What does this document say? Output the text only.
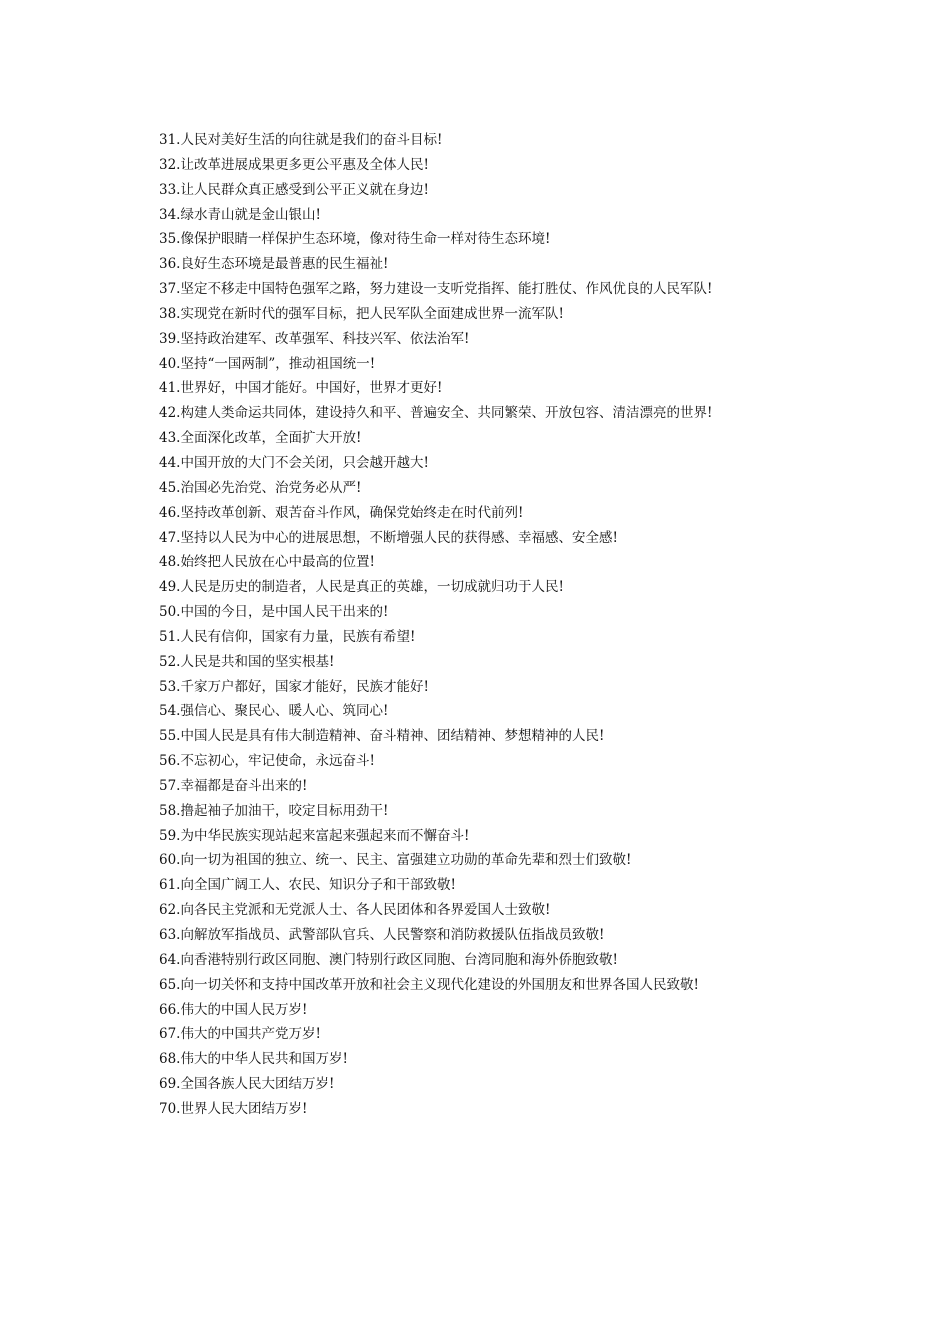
31.人民对美好生活的向往就是我们的奋斗目标!
32.让改革进展成果更多更公平惠及全体人民!
33.让人民群众真正感受到公平正义就在身边!
34.绿水青山就是金山银山!
35.像保护眼睛一样保护生态环境，像对待生命一样对待生态环境!
36.良好生态环境是最普惠的民生福祉!
37.坚定不移走中国特色强军之路，努力建设一支听党指挥、能打胜仗、作风优良的人民军队!
38.实现党在新时代的强军目标，把人民军队全面建成世界一流军队!
39.坚持政治建军、改革强军、科技兴军、依法治军!
40.坚持“一国两制”，推动祖国统一!
41.世界好，中国才能好。中国好，世界才更好!
42.构建人类命运共同体，建设持久和平、普遍安全、共同繁荣、开放包容、清洁漂亮的世界!
43.全面深化改革，全面扩大开放!
44.中国开放的大门不会关闭，只会越开越大!
45.治国必先治党、治党务必从严!
46.坚持改革创新、艰苦奋斗作风，确保党始终走在时代前列!
47.坚持以人民为中心的进展思想，不断增强人民的获得感、幸福感、安全感!
48.始终把人民放在心中最高的位置!
49.人民是历史的制造者，人民是真正的英雄，一切成就归功于人民!
50.中国的今日，是中国人民干出来的!
51.人民有信仰，国家有力量，民族有希望!
52.人民是共和国的坚实根基!
53.千家万户都好，国家才能好，民族才能好!
54.强信心、聚民心、暖人心、筑同心!
55.中国人民是具有伟大制造精神、奋斗精神、团结精神、梦想精神的人民!
56.不忘初心，牢记使命，永远奋斗!
57.幸福都是奋斗出来的!
58.撸起袖子加油干，咬定目标用劲干!
59.为中华民族实现站起来富起来强起来而不懈奋斗!
60.向一切为祖国的独立、统一、民主、富强建立功勋的革命先辈和烈士们致敬!
61.向全国广阔工人、农民、知识分子和干部致敬!
62.向各民主党派和无党派人士、各人民团体和各界爱国人士致敬!
63.向解放军指战员、武警部队官兵、人民警察和消防救援队伍指战员致敬!
64.向香港特别行政区同胞、澳门特别行政区同胞、台湾同胞和海外侨胞致敬!
65.向一切关怀和支持中国改革开放和社会主义现代化建设的外国朋友和世界各国人民致敬!
66.伟大的中国人民万岁!
67.伟大的中国共产党万岁!
68.伟大的中华人民共和国万岁!
69.全国各族人民大团结万岁!
70.世界人民大团结万岁!
